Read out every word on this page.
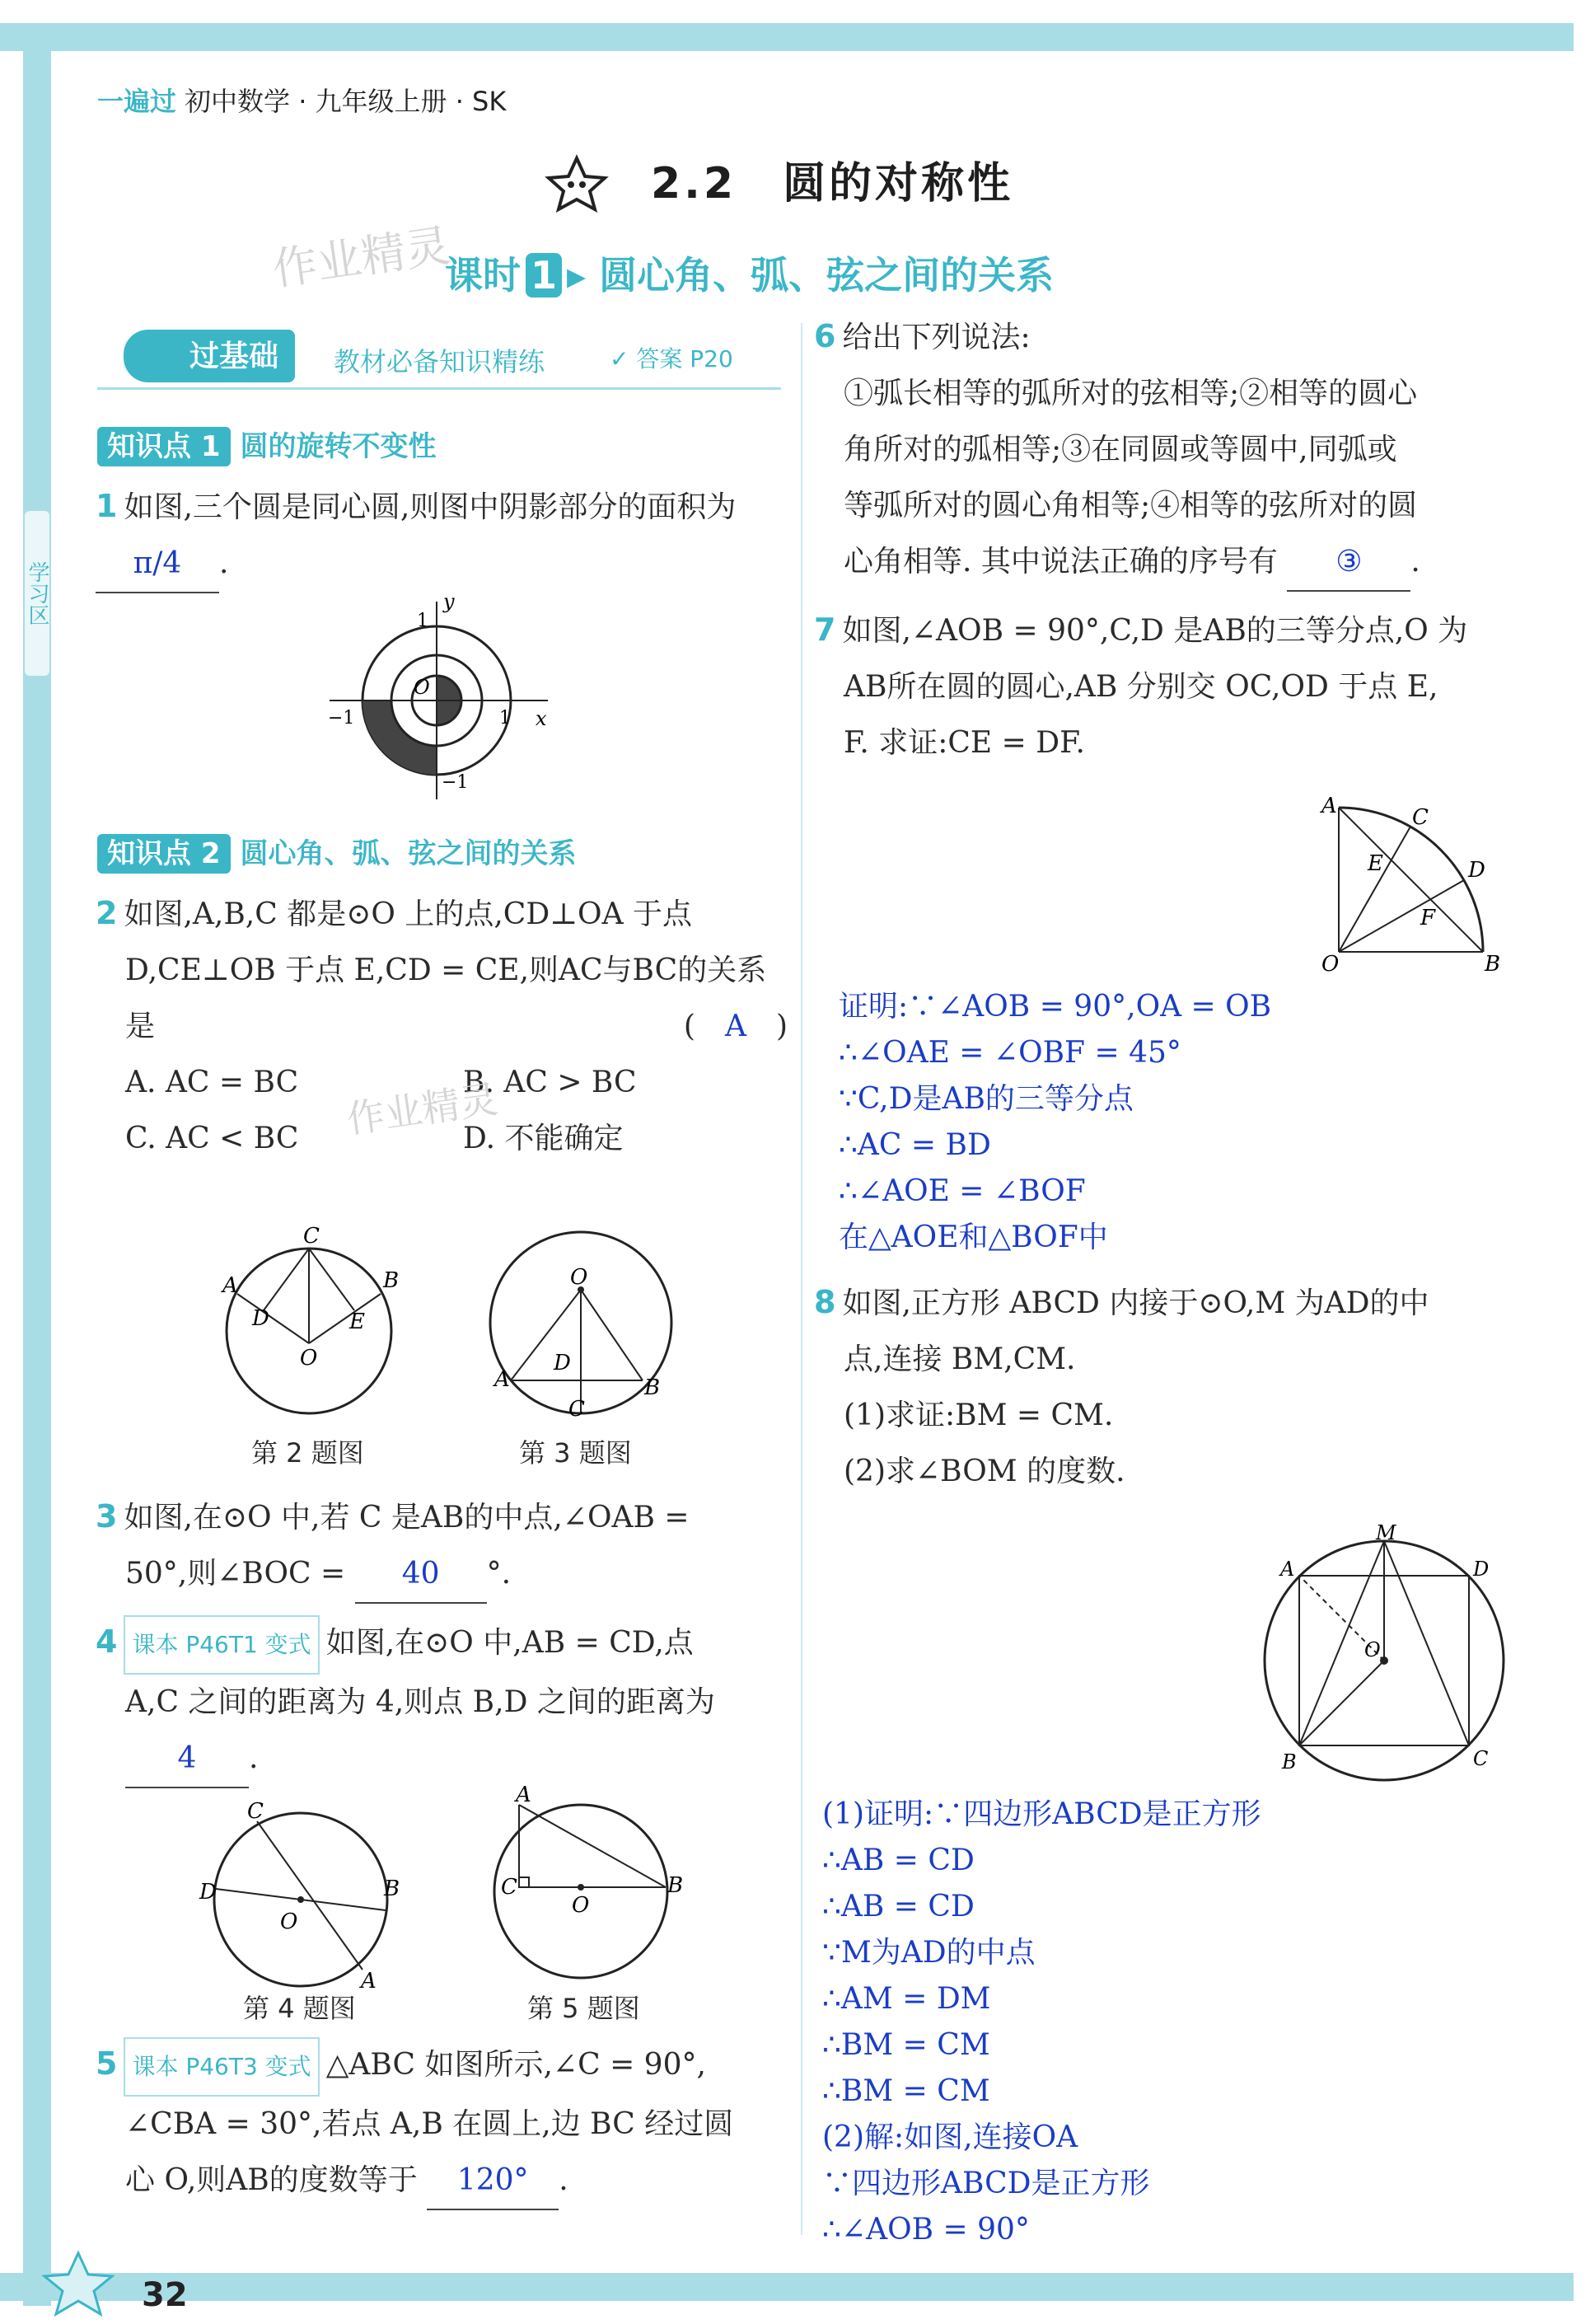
学习区
一遍过 初中数学 · 九年级上册 · SK
2.2　圆的对称性
作业精灵
课时 1 ▸ 圆心角、弧、弦之间的关系
过基础	教材必备知识精练	✓ 答案 P20
知识点 1 圆的旋转不变性
1 如图,三个圆是同心圆,则图中阴影部分的面积为 π/4 .
y
x
O
−1	1
1
−1
知识点 2 圆心角、弧、弦之间的关系
2 如图,A,B,C 都是⊙O 上的点,CD⊥OA 于点
D,CE⊥OB 于点 E,CD = CE,则AC与BC的关系
是	(　A　)
A. AC = BC	B. AC > BC
C. AC < BC	D. 不能确定
作业精灵
C
A	B
D	E
O
第 2 题图
O
A	B
D
C
第 3 题图
3 如图,在⊙O 中,若 C 是AB的中点,∠OAB =
50°,则∠BOC = 40 °.
4 课本 P46T1 变式 如图,在⊙O 中,AB = CD,点
A,C 之间的距离为 4,则点 B,D 之间的距离为
4 .
C
D	B
A
O
第 4 题图
A
C	B
O
第 5 题图
5 课本 P46T3 变式 △ABC 如图所示,∠C = 90°,
∠CBA = 30°,若点 A,B 在圆上,边 BC 经过圆
心 O,则AB的度数等于 120° .
6 给出下列说法:
①弧长相等的弧所对的弦相等;②相等的圆心
角所对的弧相等;③在同圆或等圆中,同弧或
等弧所对的圆心角相等;④相等的弦所对的圆
心角相等. 其中说法正确的序号有 ③ .
7 如图,∠AOB = 90°,C,D 是AB的三等分点,O 为
AB所在圆的圆心,AB 分别交 OC,OD 于点 E,
F. 求证:CE = DF.
A	C
D
E
F
O	B
证明:∵∠AOB = 90°,OA = OB
∴∠OAE = ∠OBF = 45°
∵C,D是AB的三等分点
∴AC = BD
∴∠AOE = ∠BOF
在△AOE和△BOF中
8 如图,正方形 ABCD 内接于⊙O,M 为AD的中
点,连接 BM,CM.
(1)求证:BM = CM.
(2)求∠BOM 的度数.
M
A	D
B	C
O
(1)证明:∵四边形ABCD是正方形
∴AB = CD
∴AB = CD
∵M为AD的中点
∴AM = DM
∴BM = CM
∴BM = CM
(2)解:如图,连接OA
∵四边形ABCD是正方形
∴∠AOB = 90°
32
